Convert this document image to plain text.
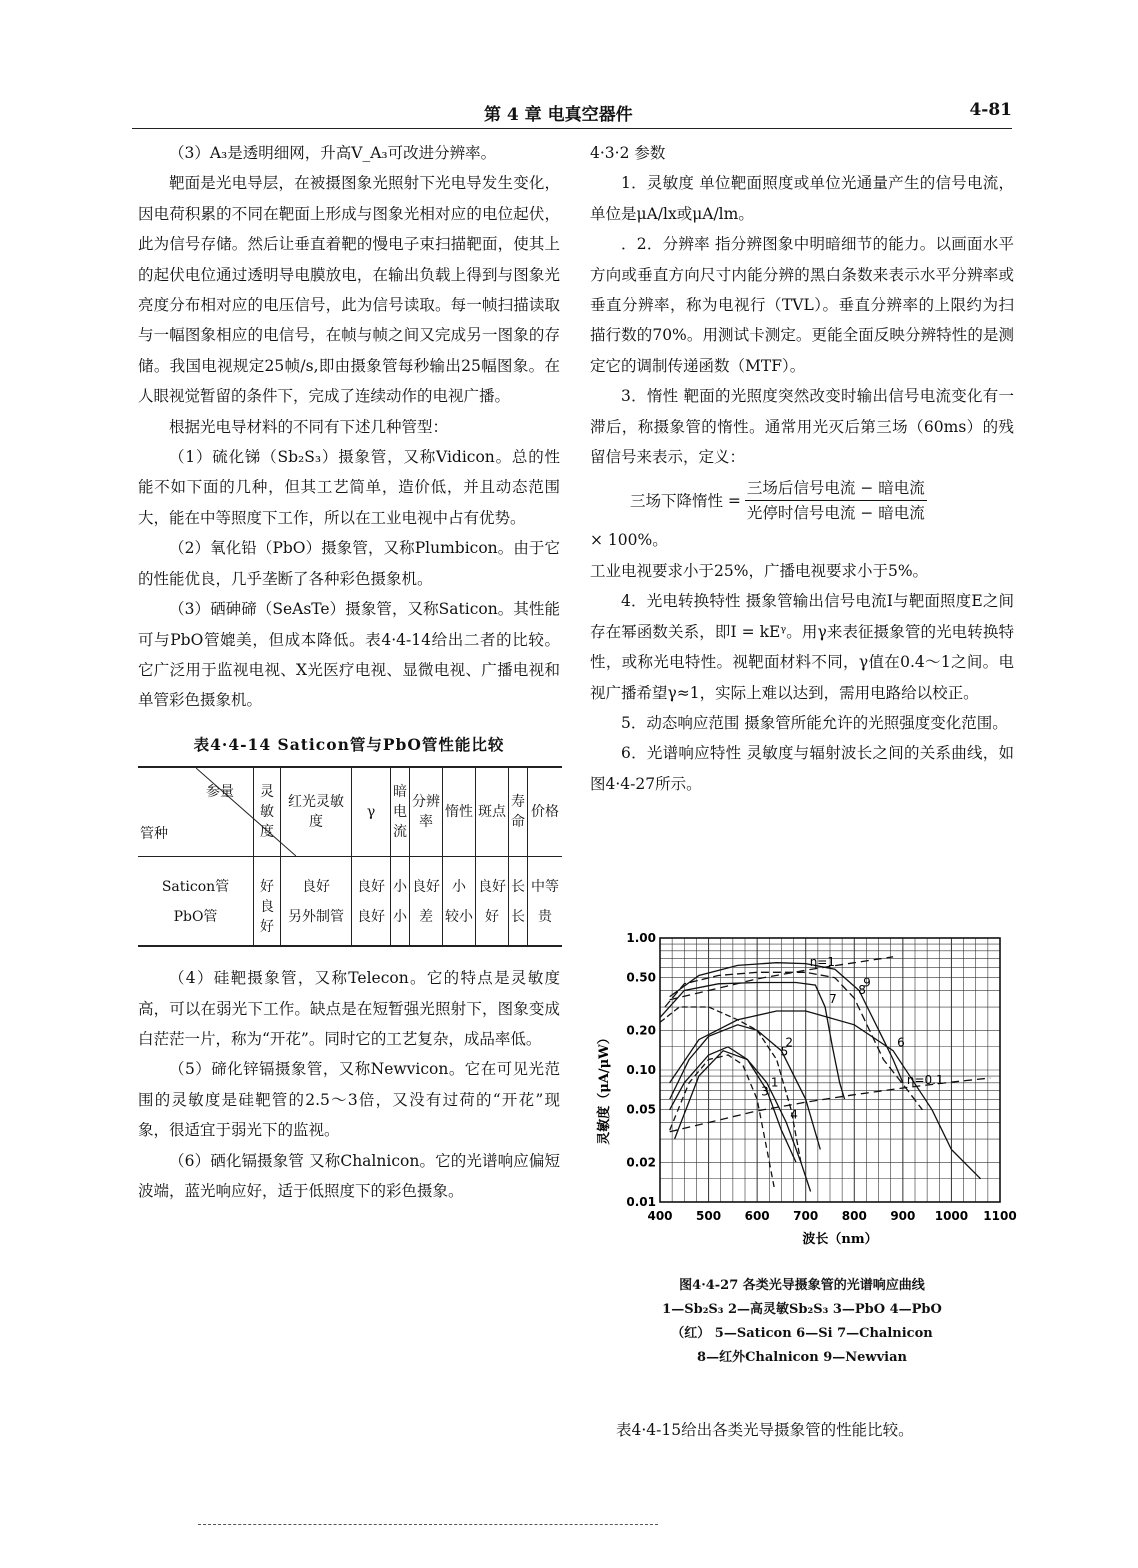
第 4 章 电真空器件	4-81

（3）A₃是透明细网，升高V_A₃可改进分辨率。

靶面是光电导层，在被摄图象光照射下光电导发生变化，因电荷积累的不同在靶面上形成与图象光相对应的电位起伏，此为信号存储。然后让垂直着靶的慢电子束扫描靶面，使其上的起伏电位通过透明导电膜放电，在输出负载上得到与图象光亮度分布相对应的电压信号，此为信号读取。每一帧扫描读取与一幅图象相应的电信号，在帧与帧之间又完成另一图象的存储。我国电视规定25帧/s,即由摄象管每秒输出25幅图象。在人眼视觉暂留的条件下，完成了连续动作的电视广播。

根据光电导材料的不同有下述几种管型：

（1）硫化锑（Sb₂S₃）摄象管，又称Vidicon。总的性能不如下面的几种，但其工艺简单，造价低，并且动态范围大，能在中等照度下工作，所以在工业电视中占有优势。

（2）氧化铅（PbO）摄象管，又称Plumbicon。由于它的性能优良，几乎垄断了各种彩色摄象机。

（3）硒砷碲（SeAsTe）摄象管，又称Saticon。其性能可与PbO管媲美，但成本降低。表4·4-14给出二者的比较。它广泛用于监视电视、X光医疗电视、显微电视、广播电视和单管彩色摄象机。

表4·4-14 Saticon管与PbO管性能比较
参量
管种	灵敏度	红光灵敏度	γ	暗电流	分辨率	惰性	斑点	寿命	价格
Saticon管	好	良好	良好	小	良好	小	良好	长	中等
PbO管	良好	另外制管	良好	小	差	较小	好	长	贵

（4）硅靶摄象管，又称Telecon。它的特点是灵敏度高，可以在弱光下工作。缺点是在短暂强光照射下，图象变成白茫茫一片，称为“开花”。同时它的工艺复杂，成品率低。

（5）碲化锌镉摄象管，又称Newvicon。它在可见光范围的灵敏度是硅靶管的2.5～3倍，又没有过荷的“开花”现象，很适宜于弱光下的监视。

（6）硒化镉摄象管 又称Chalnicon。它的光谱响应偏短波端，蓝光响应好，适于低照度下的彩色摄象。

4·3·2 参数

1．灵敏度 单位靶面照度或单位光通量产生的信号电流，单位是μA/lx或μA/lm。

．2．分辨率 指分辨图象中明暗细节的能力。以画面水平方向或垂直方向尺寸内能分辨的黑白条数来表示水平分辨率或垂直分辨率，称为电视行（TVL）。垂直分辨率的上限约为扫描行数的70%。用测试卡测定。更能全面反映分辨特性的是测定它的调制传递函数（MTF）。

3．惰性 靶面的光照度突然改变时输出信号电流变化有一滞后，称摄象管的惰性。通常用光灭后第三场（60ms）的残留信号来表示，定义：

三场下降惰性 = $\frac{\text{三场后信号电流 − 暗电流}}{\text{光停时信号电流 − 暗电流}}$

× 100%。

工业电视要求小于25%，广播电视要求小于5%。

4．光电转换特性 摄象管输出信号电流I与靶面照度E之间存在幂函数关系，即I = kEᵞ。用γ来表征摄象管的光电转换特性，或称光电特性。视靶面材料不同，γ值在0.4～1之间。电视广播希望γ≈1，实际上难以达到，需用电路给以校正。

5．动态响应范围 摄象管所能允许的光照强度变化范围。

6．光谱响应特性 灵敏度与辐射波长之间的关系曲线，如图4·4-27所示。

400 500 600 700 800 900 1000 1100
0.01
0.02
0.05
0.10
0.20
0.50
1.00
1
2
3
4
5
6
7
8
9
η=1
η=0.1
波长（nm）
灵敏度（μA/μW）
图4·4-27 各类光导摄象管的光谱响应曲线
1—Sb₂S₃ 2—高灵敏Sb₂S₃ 3—PbO 4—PbO
（红） 5—Saticon 6—Si 7—Chalnicon
8—红外Chalnicon 9—Newvian

表4·4-15给出各类光导摄象管的性能比较。
